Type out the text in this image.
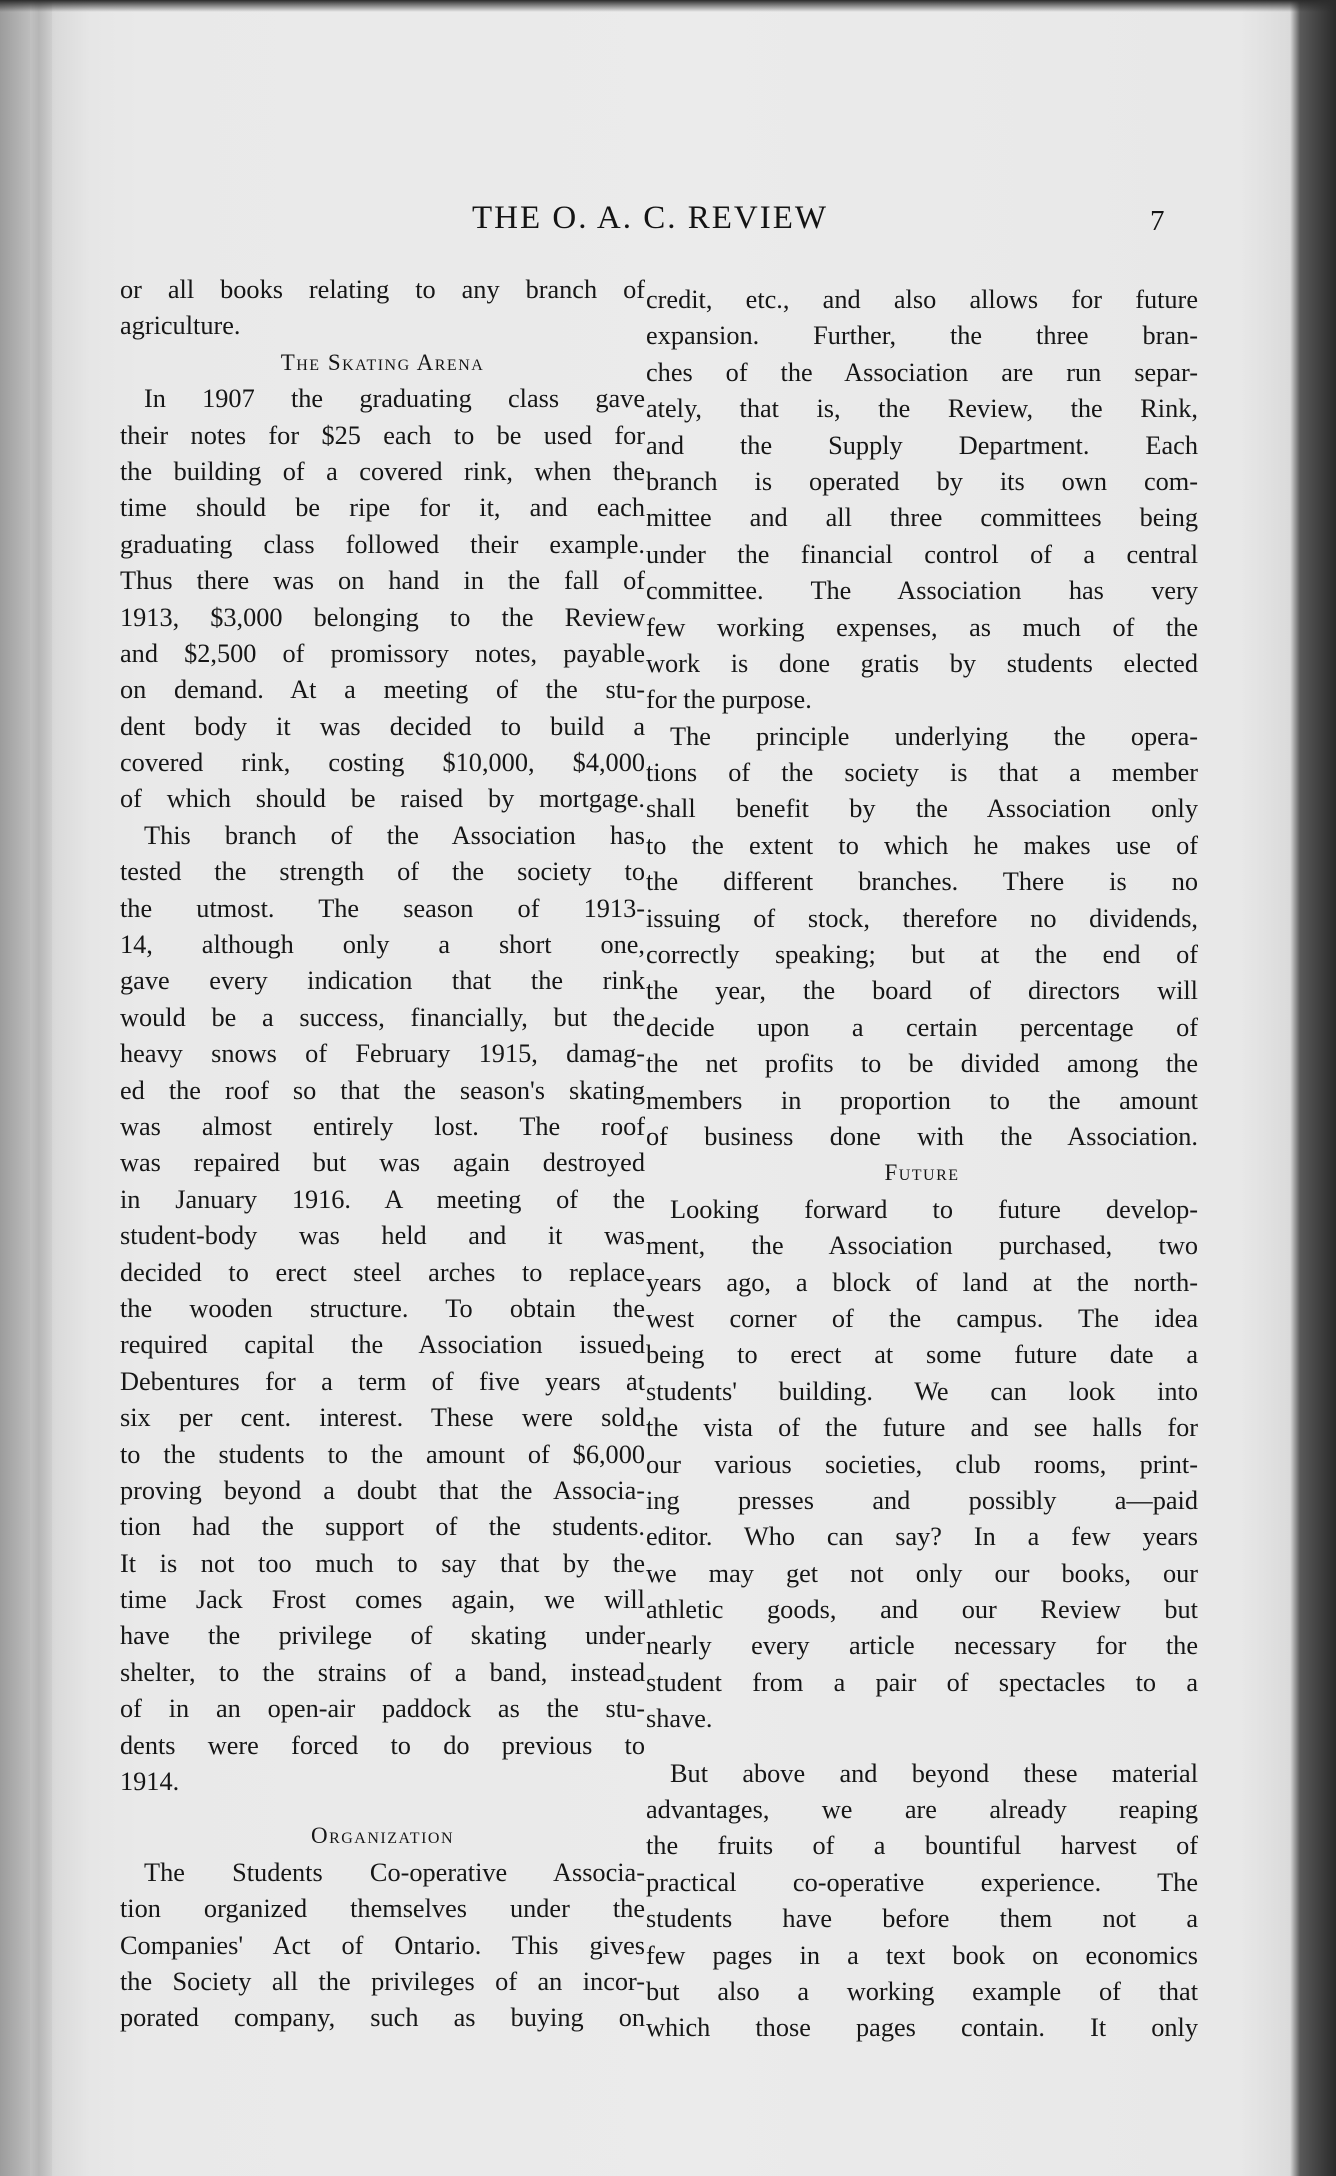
THE O. A. C. REVIEW	7
or all books relating to any branch of
agriculture.
The Skating Arena
In 1907 the graduating class gave
their notes for $25 each to be used for
the building of a covered rink, when the
time should be ripe for it, and each
graduating class followed their example.
Thus there was on hand in the fall of
1913, $3,000 belonging to the Review
and $2,500 of promissory notes, payable
on demand. At a meeting of the stu-
dent body it was decided to build a
covered rink, costing $10,000, $4,000
of which should be raised by mortgage.
This branch of the Association has
tested the strength of the society to
the utmost. The season of 1913-
14, although only a short one,
gave every indication that the rink
would be a success, financially, but the
heavy snows of February 1915, damag-
ed the roof so that the season's skating
was almost entirely lost. The roof
was repaired but was again destroyed
in January 1916. A meeting of the
student-body was held and it was
decided to erect steel arches to replace
the wooden structure. To obtain the
required capital the Association issued
Debentures for a term of five years at
six per cent. interest. These were sold
to the students to the amount of $6,000
proving beyond a doubt that the Associa-
tion had the support of the students.
It is not too much to say that by the
time Jack Frost comes again, we will
have the privilege of skating under
shelter, to the strains of a band, instead
of in an open-air paddock as the stu-
dents were forced to do previous to
1914.
Organization
The Students Co-operative Associa-
tion organized themselves under the
Companies' Act of Ontario. This gives
the Society all the privileges of an incor-
porated company, such as buying on
credit, etc., and also allows for future
expansion. Further, the three bran-
ches of the Association are run separ-
ately, that is, the Review, the Rink,
and the Supply Department. Each
branch is operated by its own com-
mittee and all three committees being
under the financial control of a central
committee. The Association has very
few working expenses, as much of the
work is done gratis by students elected
for the purpose.
The principle underlying the opera-
tions of the society is that a member
shall benefit by the Association only
to the extent to which he makes use of
the different branches. There is no
issuing of stock, therefore no dividends,
correctly speaking; but at the end of
the year, the board of directors will
decide upon a certain percentage of
the net profits to be divided among the
members in proportion to the amount
of business done with the Association.
Future
Looking forward to future develop-
ment, the Association purchased, two
years ago, a block of land at the north-
west corner of the campus. The idea
being to erect at some future date a
students' building. We can look into
the vista of the future and see halls for
our various societies, club rooms, print-
ing presses and possibly a—paid
editor. Who can say? In a few years
we may get not only our books, our
athletic goods, and our Review but
nearly every article necessary for the
student from a pair of spectacles to a
shave.
But above and beyond these material
advantages, we are already reaping
the fruits of a bountiful harvest of
practical co-operative experience. The
students have before them not a
few pages in a text book on economics
but also a working example of that
which those pages contain. It only
